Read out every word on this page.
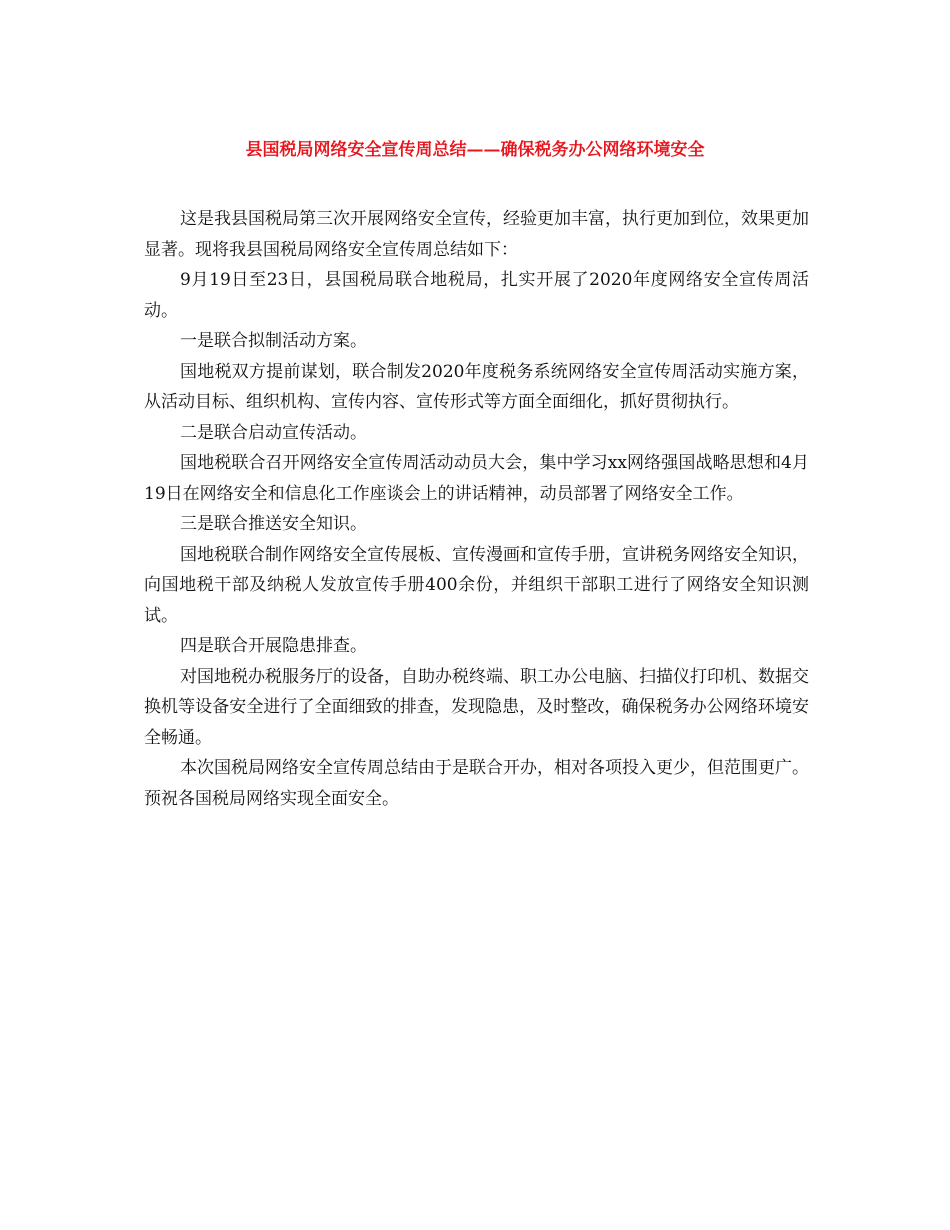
县国税局网络安全宣传周总结——确保税务办公网络环境安全

这是我县国税局第三次开展网络安全宣传，经验更加丰富，执行更加到位，效果更加显著。现将我县国税局网络安全宣传周总结如下：

9月19日至23日，县国税局联合地税局，扎实开展了2020年度网络安全宣传周活动。

一是联合拟制活动方案。

国地税双方提前谋划，联合制发2020年度税务系统网络安全宣传周活动实施方案，从活动目标、组织机构、宣传内容、宣传形式等方面全面细化，抓好贯彻执行。

二是联合启动宣传活动。

国地税联合召开网络安全宣传周活动动员大会，集中学习xx网络强国战略思想和4月19日在网络安全和信息化工作座谈会上的讲话精神，动员部署了网络安全工作。

三是联合推送安全知识。

国地税联合制作网络安全宣传展板、宣传漫画和宣传手册，宣讲税务网络安全知识，向国地税干部及纳税人发放宣传手册400余份，并组织干部职工进行了网络安全知识测试。

四是联合开展隐患排查。

对国地税办税服务厅的设备，自助办税终端、职工办公电脑、扫描仪打印机、数据交换机等设备安全进行了全面细致的排查，发现隐患，及时整改，确保税务办公网络环境安全畅通。

本次国税局网络安全宣传周总结由于是联合开办，相对各项投入更少，但范围更广。预祝各国税局网络实现全面安全。
